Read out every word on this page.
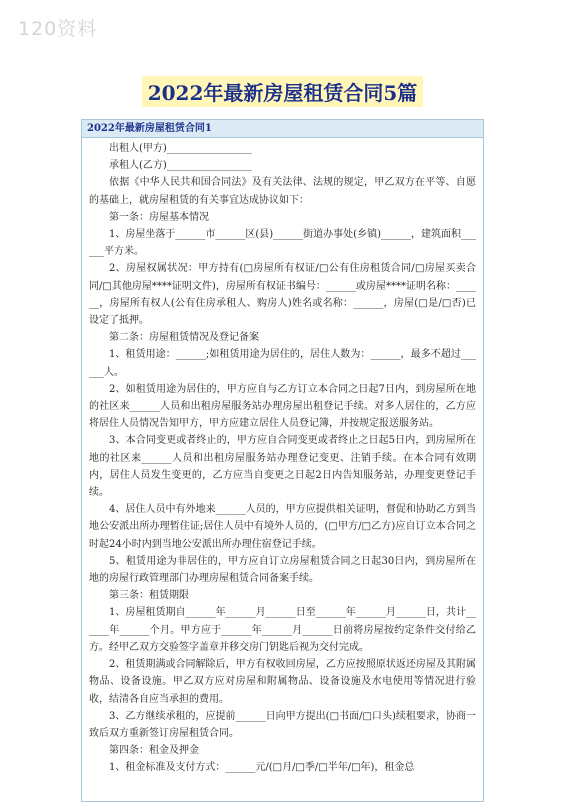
120资料
2022年最新房屋租赁合同5篇
2022年最新房屋租赁合同1

出租人(甲方)_________________

承租人(乙方)_________________

依据《中华人民共和国合同法》及有关法律、法规的规定，甲乙双方在平等、自愿的基础上，就房屋租赁的有关事宜达成协议如下：

第一条：房屋基本情况

1、房屋坐落于______市______区(县)______街道办事处(乡镇)______，建筑面积______平方米。

2、房屋权属状况：甲方持有(□房屋所有权证/□公有住房租赁合同/□房屋买卖合同/□其他房屋****证明文件)，房屋所有权证书编号：______或房屋****证明名称：______，房屋所有权人(公有住房承租人、购房人)姓名或名称：______，房屋(□是/□否)已设定了抵押。

第二条：房屋租赁情况及登记备案

1、租赁用途：______;如租赁用途为居住的，居住人数为：______，最多不超过______人。

2、如租赁用途为居住的，甲方应自与乙方订立本合同之日起7日内，到房屋所在地的社区来______人员和出租房屋服务站办理房屋出租登记手续。对多人居住的，乙方应将居住人员情况告知甲方，甲方应建立居住人员登记簿，并按规定报送服务站。

3、本合同变更或者终止的，甲方应自合同变更或者终止之日起5日内，到房屋所在地的社区来______人员和出租房屋服务站办理登记变更、注销手续。在本合同有效期内，居住人员发生变更的，乙方应当自变更之日起2日内告知服务站，办理变更登记手续。

4、居住人员中有外地来______人员的，甲方应提供相关证明，督促和协助乙方到当地公安派出所办理暂住证;居住人员中有境外人员的，(□甲方/□乙方)应自订立本合同之时起24小时内到当地公安派出所办理住宿登记手续。

5、租赁用途为非居住的，甲方应自订立房屋租赁合同之日起30日内，到房屋所在地的房屋行政管理部门办理房屋租赁合同备案手续。

第三条：租赁期限

1、房屋租赁期自______年______月______日至______年______月______日，共计______年______个月。甲方应于______年______月______日前将房屋按约定条件交付给乙方。经甲乙双方交验签字盖章并移交房门钥匙后视为交付完成。

2、租赁期满或合同解除后，甲方有权收回房屋，乙方应按照原状返还房屋及其附属物品、设备设施。甲乙双方应对房屋和附属物品、设备设施及水电使用等情况进行验收，结清各自应当承担的费用。

3、乙方继续承租的，应提前______日向甲方提出(□书面/□口头)续租要求，协商一致后双方重新签订房屋租赁合同。

第四条：租金及押金

1、租金标准及支付方式：______元/(□月/□季/□半年/□年)，租金总
